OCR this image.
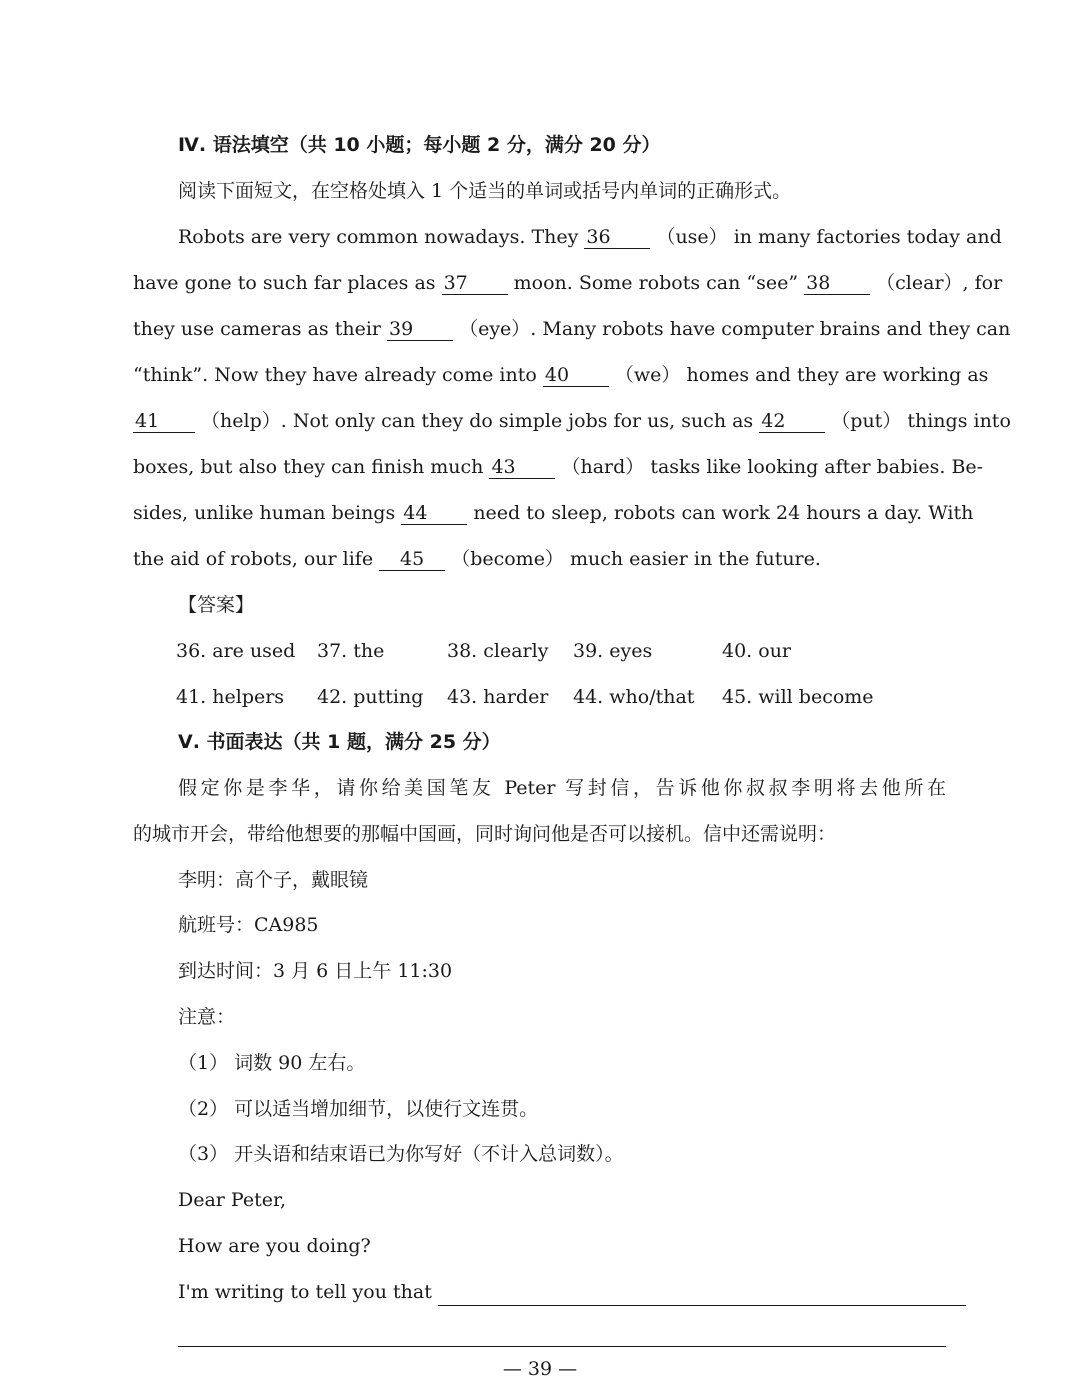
Ⅳ. 语法填空（共 10 小题；每小题 2 分，满分 20 分）
阅读下面短文，在空格处填入 1 个适当的单词或括号内单词的正确形式。
Robots are very common nowadays. They 36 （use） in many factories today and
have gone to such far places as 37 moon. Some robots can “see” 38 （clear）, for
they use cameras as their 39 （eye）. Many robots have computer brains and they can
“think”. Now they have already come into 40 （we） homes and they are working as
41 （help）. Not only can they do simple jobs for us, such as 42 （put） things into
boxes, but also they can finish much 43 （hard） tasks like looking after babies. Be-
sides, unlike human beings 44 need to sleep, robots can work 24 hours a day. With
the aid of robots, our life 45 （become） much easier in the future.
【答案】
36. are used 37. the	38. clearly 39. eyes	40. our
41. helpers 42. putting 43. harder 44. who/that 45. will become
Ⅴ. 书面表达（共 1 题，满分 25 分）
假定你是李华，请你给美国笔友 Peter 写封信，告诉他你叔叔李明将去他所在
的城市开会，带给他想要的那幅中国画，同时询问他是否可以接机。信中还需说明：
李明：高个子，戴眼镜
航班号：CA985
到达时间：3 月 6 日上午 11:30
注意：
（1） 词数 90 左右。
（2） 可以适当增加细节，以使行文连贯。
（3） 开头语和结束语已为你写好（不计入总词数）。
Dear Peter,
How are you doing?
I'm writing to tell you that
— 39 —
